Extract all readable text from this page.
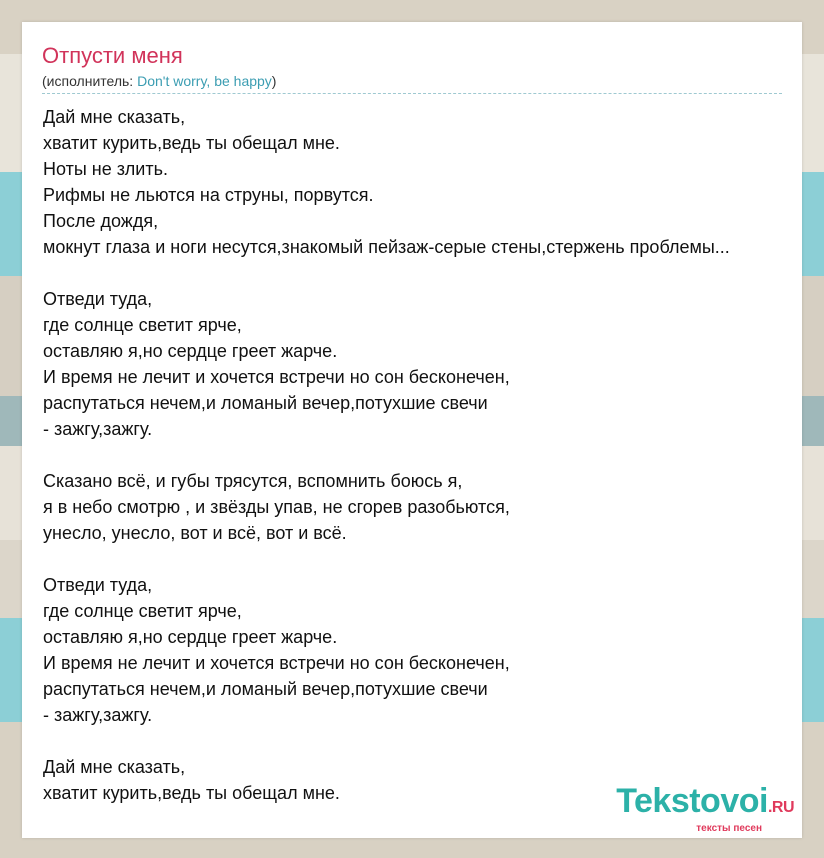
Отпусти меня
(исполнитель: Don't worry, be happy)
Дай мне сказать,
хватит курить,ведь ты обещал мне.
Ноты не злить.
Рифмы не льются на струны, порвутся.
После дождя,
мокнут глаза и ноги несутся,знакомый пейзаж-серые стены,стержень проблемы...

Отведи туда,
где солнце светит ярче,
оставляю я,но сердце греет жарче.
И время не лечит и хочется встречи но сон бесконечен,
распутаться нечем,и ломаный вечер,потухшие свечи
- зажгу,зажгу.

Сказано всё, и губы трясутся, вспомнить боюсь я,
я в небо смотрю , и звёзды упав, не сгорев разобьются,
унесло, унесло, вот и всё, вот и всё.

Отведи туда,
где солнце светит ярче,
оставляю я,но сердце греет жарче.
И время не лечит и хочется встречи но сон бесконечен,
распутаться нечем,и ломаный вечер,потухшие свечи
- зажгу,зажгу.

Дай мне сказать,
хватит курить,ведь ты обещал мне.	Tekstovoi.RU
тексты песен
